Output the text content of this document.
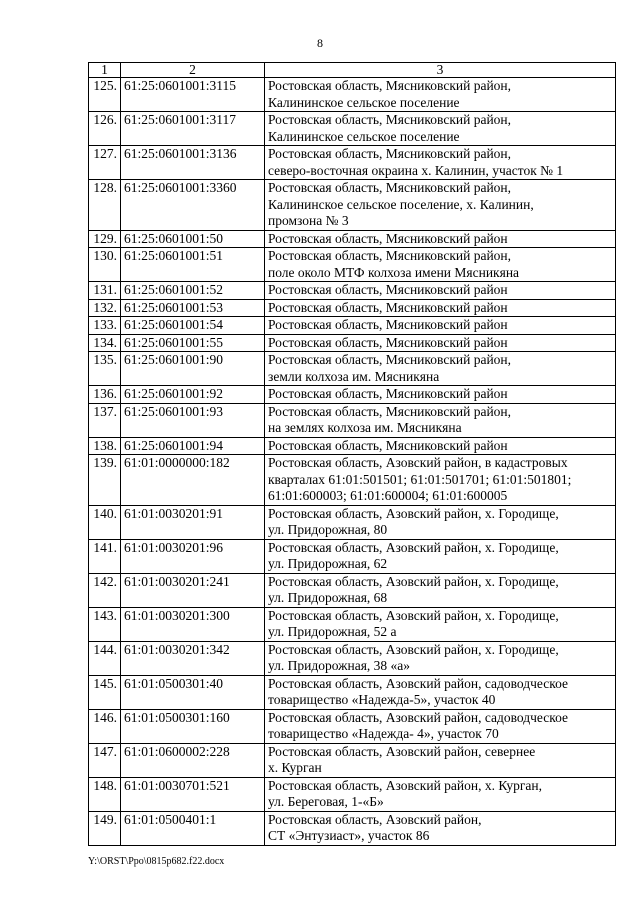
8
1	2	3
125.	61:25:0601001:3115	Ростовская область, Мясниковский район,
Калининское сельское поселение

126.	61:25:0601001:3117	Ростовская область, Мясниковский район,
Калининское сельское поселение

127.	61:25:0601001:3136	Ростовская область, Мясниковский район,
северо-восточная окраина х. Калинин, участок № 1

128.	61:25:0601001:3360	Ростовская область, Мясниковский район,
Калининское сельское поселение, х. Калинин,
промзона № 3

129.	61:25:0601001:50	Ростовская область, Мясниковский район

130.	61:25:0601001:51	Ростовская область, Мясниковский район,
поле около МТФ колхоза имени Мясникяна

131.	61:25:0601001:52	Ростовская область, Мясниковский район

132.	61:25:0601001:53	Ростовская область, Мясниковский район

133.	61:25:0601001:54	Ростовская область, Мясниковский район

134.	61:25:0601001:55	Ростовская область, Мясниковский район

135.	61:25:0601001:90	Ростовская область, Мясниковский район,
земли колхоза им. Мясникяна

136.	61:25:0601001:92	Ростовская область, Мясниковский район

137.	61:25:0601001:93	Ростовская область, Мясниковский район,
на землях колхоза им. Мясникяна

138.	61:25:0601001:94	Ростовская область, Мясниковский район

139.	61:01:0000000:182	Ростовская область, Азовский район, в кадастровых
кварталах 61:01:501501; 61:01:501701; 61:01:501801;
61:01:600003; 61:01:600004; 61:01:600005

140.	61:01:0030201:91	Ростовская область, Азовский район, х. Городище,
ул. Придорожная, 80

141.	61:01:0030201:96	Ростовская область, Азовский район, х. Городище,
ул. Придорожная, 62

142.	61:01:0030201:241	Ростовская область, Азовский район, х. Городище,
ул. Придорожная, 68

143.	61:01:0030201:300	Ростовская область, Азовский район, х. Городище,
ул. Придорожная, 52 а

144.	61:01:0030201:342	Ростовская область, Азовский район, х. Городище,
ул. Придорожная, 38 «а»

145.	61:01:0500301:40	Ростовская область, Азовский район, садоводческое
товарищество «Надежда-5», участок 40

146.	61:01:0500301:160	Ростовская область, Азовский район, садоводческое
товарищество «Надежда- 4», участок 70

147.	61:01:0600002:228	Ростовская область, Азовский район, севернее
х. Курган

148.	61:01:0030701:521	Ростовская область, Азовский район, х. Курган,
ул. Береговая, 1-«Б»

149.	61:01:0500401:1	Ростовская область, Азовский район,
СТ «Энтузиаст», участок 86
Y:\ORST\Ppo\0815p682.f22.docx
